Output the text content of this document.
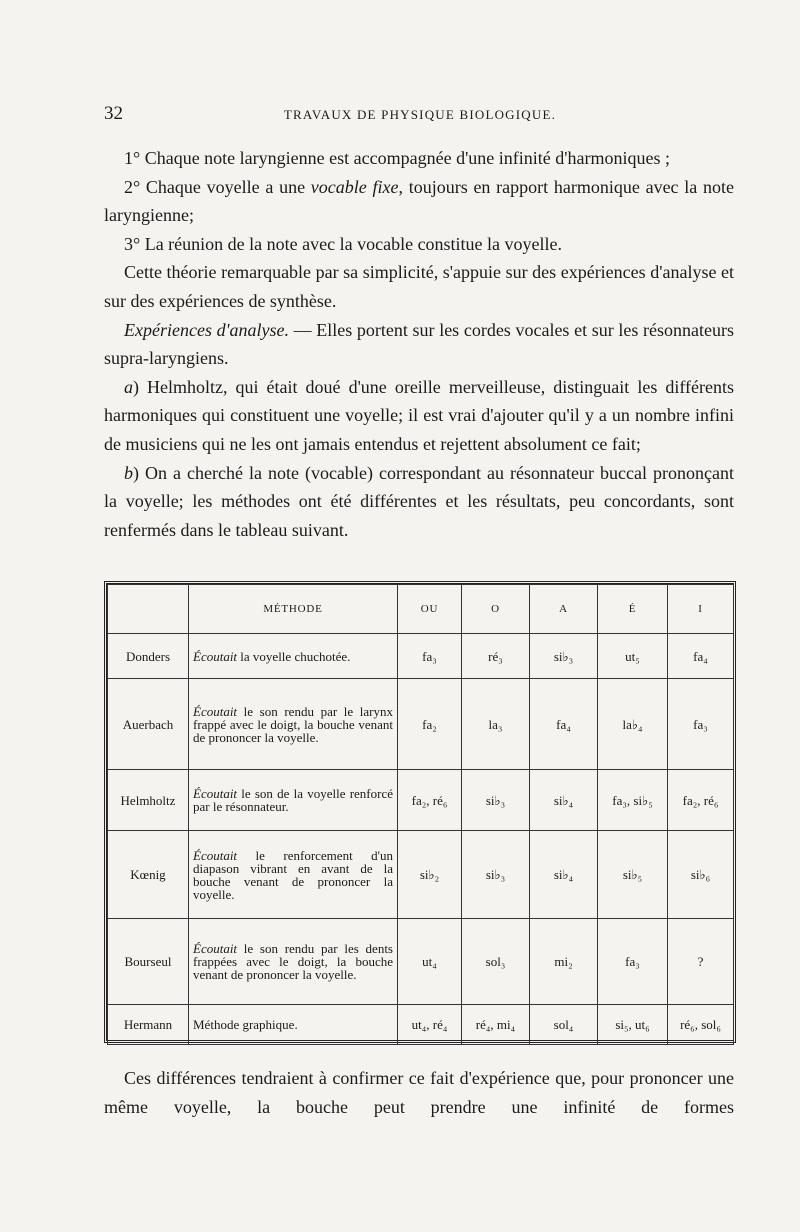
32	TRAVAUX DE PHYSIQUE BIOLOGIQUE.

1° Chaque note laryngienne est accompagnée d'une infinité d'harmoniques ;

2° Chaque voyelle a une vocable fixe, toujours en rapport harmonique avec la note laryngienne;

3° La réunion de la note avec la vocable constitue la voyelle.

Cette théorie remarquable par sa simplicité, s'appuie sur des expériences d'analyse et sur des expériences de synthèse.

Expériences d'analyse. — Elles portent sur les cordes vocales et sur les résonnateurs supra-laryngiens.

a) Helmholtz, qui était doué d'une oreille merveilleuse, distinguait les différents harmoniques qui constituent une voyelle; il est vrai d'ajouter qu'il y a un nombre infini de musiciens qui ne les ont jamais entendus et rejettent absolument ce fait;

b) On a cherché la note (vocable) correspondant au résonnateur buccal prononçant la voyelle; les méthodes ont été différentes et les résultats, peu concordants, sont renfermés dans le tableau suivant.

	MÉTHODE	OU	O	A	É	I
Donders	Écoutait la voyelle chuchotée.	fa₃	ré₃	si♭₃	ut₅	fa₄
Auerbach	Écoutait le son rendu par le larynx frappé avec le doigt, la bouche venant de prononcer la voyelle.	fa₂	la₃	fa₄	la♭₄	fa₃
Helmholtz	Écoutait le son de la voyelle renforcé par le résonnateur.	fa₂, ré₆	si♭₃	si♭₄	fa₃, si♭₅	fa₂, ré₆
Kœnig	Écoutait le renforcement d'un diapason vibrant en avant de la bouche venant de prononcer la voyelle.	si♭₂	si♭₃	si♭₄	si♭₅	si♭₆
Bourseul	Écoutait le son rendu par les dents frappées avec le doigt, la bouche venant de prononcer la voyelle.	ut₄	sol₃	mi₂	fa₃	?
Hermann	Méthode graphique.	ut₄, ré₄	ré₄, mi₄	sol₄	si₅, ut₆	ré₆, sol₆

Ces différences tendraient à confirmer ce fait d'expérience que, pour prononcer une même voyelle, la bouche peut prendre une infinité de formes
